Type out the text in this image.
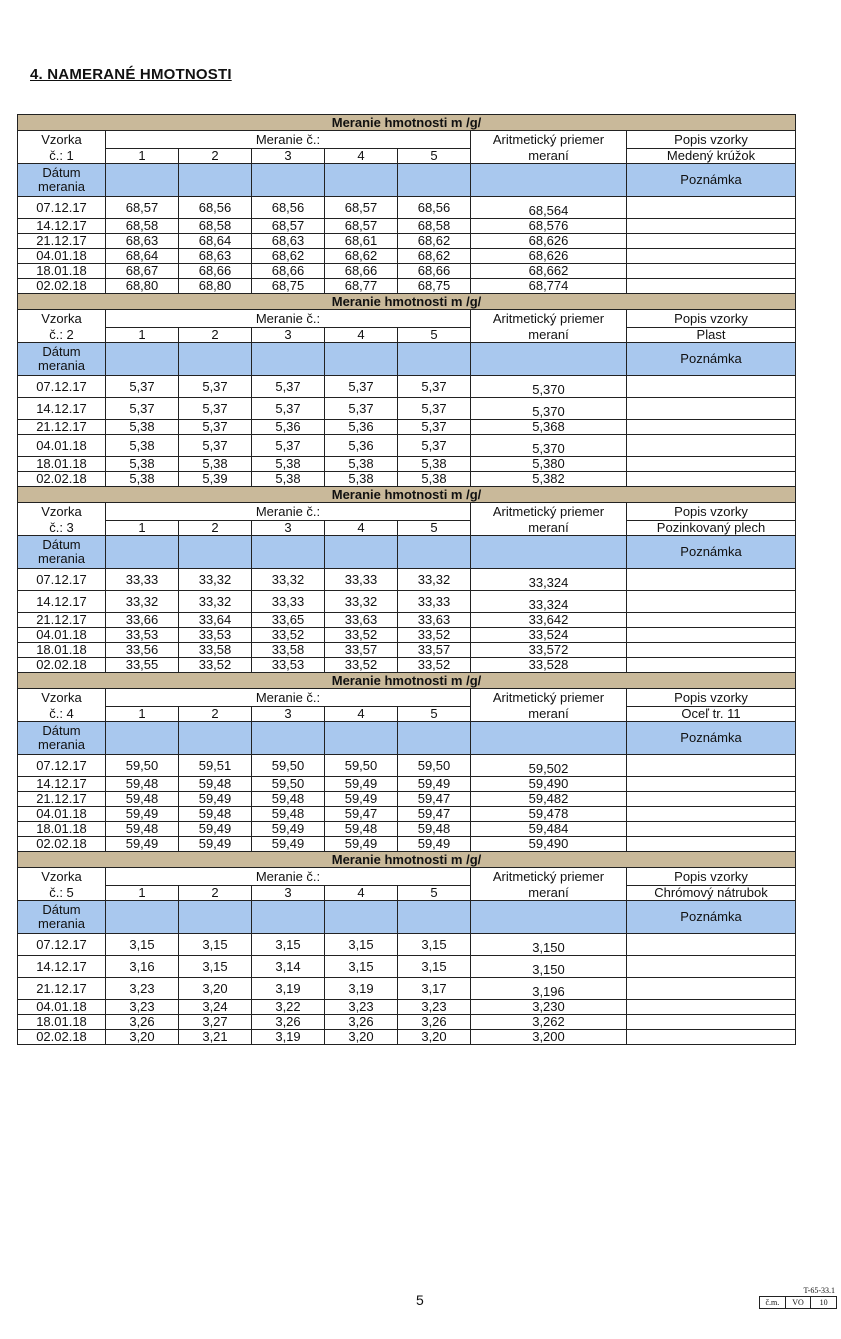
4. NAMERANÉ HMOTNOSTI
Meranie hmotnosti m /g/							
Vzorka	Meranie č.:					Aritmetický priemer	Popis vzorky
č.: 1	1	2	3	4	5	meraní	Medený krúžok
Dátum
merania							Poznámka
07.12.17	68,57	68,56	68,56	68,57	68,56	68,564	
14.12.17	68,58	68,58	68,57	68,57	68,58	68,576	
21.12.17	68,63	68,64	68,63	68,61	68,62	68,626	
04.01.18	68,64	68,63	68,62	68,62	68,62	68,626	
18.01.18	68,67	68,66	68,66	68,66	68,66	68,662	
02.02.18	68,80	68,80	68,75	68,77	68,75	68,774	
Meranie hmotnosti m /g/							
Vzorka	Meranie č.:					Aritmetický priemer	Popis vzorky
č.: 2	1	2	3	4	5	meraní	Plast
Dátum
merania							Poznámka
07.12.17	5,37	5,37	5,37	5,37	5,37	5,370	
14.12.17	5,37	5,37	5,37	5,37	5,37	5,370	
21.12.17	5,38	5,37	5,36	5,36	5,37	5,368	
04.01.18	5,38	5,37	5,37	5,36	5,37	5,370	
18.01.18	5,38	5,38	5,38	5,38	5,38	5,380	
02.02.18	5,38	5,39	5,38	5,38	5,38	5,382	
Meranie hmotnosti m /g/							
Vzorka	Meranie č.:					Aritmetický priemer	Popis vzorky
č.: 3	1	2	3	4	5	meraní	Pozinkovaný plech
Dátum
merania							Poznámka
07.12.17	33,33	33,32	33,32	33,33	33,32	33,324	
14.12.17	33,32	33,32	33,33	33,32	33,33	33,324	
21.12.17	33,66	33,64	33,65	33,63	33,63	33,642	
04.01.18	33,53	33,53	33,52	33,52	33,52	33,524	
18.01.18	33,56	33,58	33,58	33,57	33,57	33,572	
02.02.18	33,55	33,52	33,53	33,52	33,52	33,528	
Meranie hmotnosti m /g/							
Vzorka	Meranie č.:					Aritmetický priemer	Popis vzorky
č.: 4	1	2	3	4	5	meraní	Oceľ tr. 11
Dátum
merania							Poznámka
07.12.17	59,50	59,51	59,50	59,50	59,50	59,502	
14.12.17	59,48	59,48	59,50	59,49	59,49	59,490	
21.12.17	59,48	59,49	59,48	59,49	59,47	59,482	
04.01.18	59,49	59,48	59,48	59,47	59,47	59,478	
18.01.18	59,48	59,49	59,49	59,48	59,48	59,484	
02.02.18	59,49	59,49	59,49	59,49	59,49	59,490	
Meranie hmotnosti m /g/							
Vzorka	Meranie č.:					Aritmetický priemer	Popis vzorky
č.: 5	1	2	3	4	5	meraní	Chrómový nátrubok
Dátum
merania							Poznámka
07.12.17	3,15	3,15	3,15	3,15	3,15	3,150	
14.12.17	3,16	3,15	3,14	3,15	3,15	3,150	
21.12.17	3,23	3,20	3,19	3,19	3,17	3,196	
04.01.18	3,23	3,24	3,22	3,23	3,23	3,230	
18.01.18	3,26	3,27	3,26	3,26	3,26	3,262	
02.02.18	3,20	3,21	3,19	3,20	3,20	3,200	
5
T-65-33.1
č.m.	VO	10
